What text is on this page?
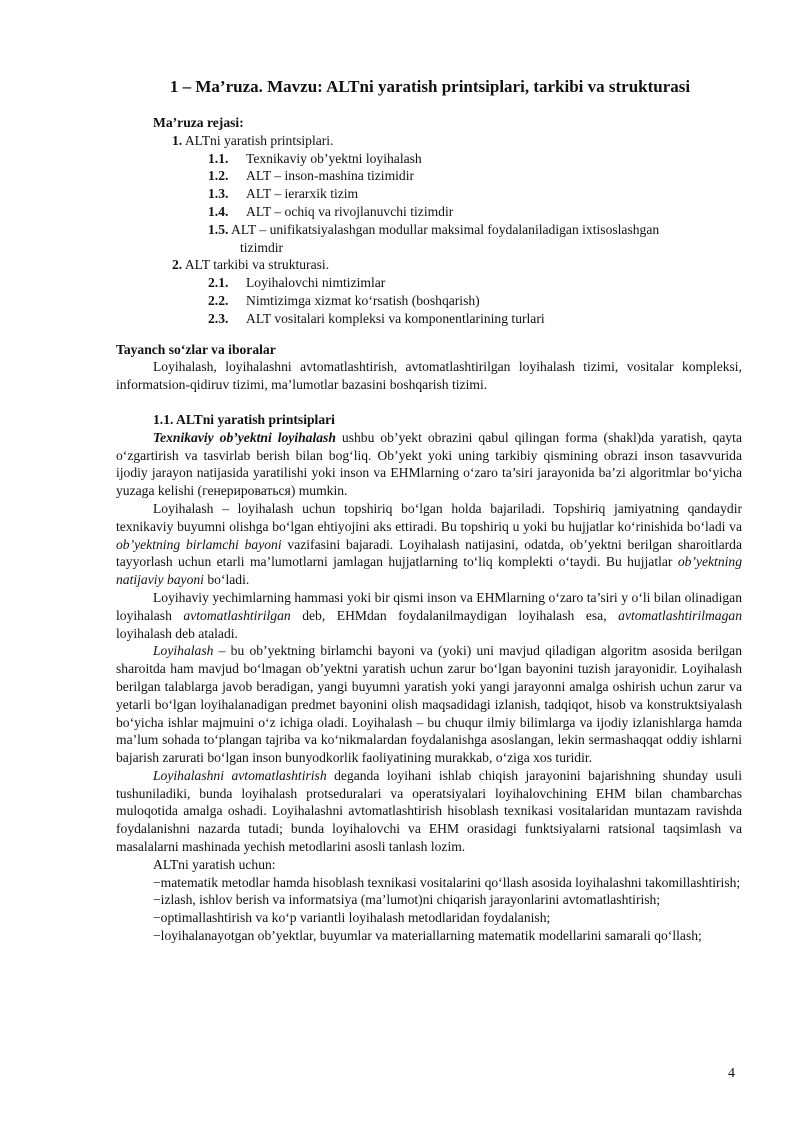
1 – Ma’ruza. Mavzu: ALTni yaratish printsiplari, tarkibi va strukturasi

Ma’ruza rejasi:

1. ALTni yaratish printsiplari.

1.1.	Texnikaviy ob’yektni loyihalash

1.2.	ALT – inson-mashina tizimidir

1.3.	ALT – ierarxik tizim

1.4.	ALT – ochiq va rivojlanuvchi tizimdir

1.5. ALT – unifikatsiyalashgan modullar maksimal foydalaniladigan ixtisoslashgan
tizimdir

2. ALT tarkibi va strukturasi.

2.1.	Loyihalovchi nimtizimlar

2.2.	Nimtizimga xizmat ko‘rsatish (boshqarish)

2.3.	ALT vositalari kompleksi va komponentlarining turlari

Tayanch so‘zlar va iboralar

Loyihalash, loyihalashni avtomatlashtirish, avtomatlashtirilgan loyihalash tizimi, vositalar kompleksi, informatsion-qidiruv tizimi, ma’lumotlar bazasini boshqarish tizimi.

1.1. ALTni yaratish printsiplari

Texnikaviy ob’yektni loyihalash ushbu ob’yekt obrazini qabul qilingan forma (shakl)da yaratish, qayta o‘zgartirish va tasvirlab berish bilan bog‘liq. Ob’yekt yoki uning tarkibiy qismining obrazi inson tasavvurida ijodiy jarayon natijasida yaratilishi yoki inson va EHMlarning o‘zaro ta’siri jarayonida ba’zi algoritmlar bo‘yicha yuzaga kelishi (генерироваться) mumkin.

Loyihalash – loyihalash uchun topshiriq bo‘lgan holda bajariladi. Topshiriq jamiyatning qandaydir texnikaviy buyumni olishga bo‘lgan ehtiyojini aks ettiradi. Bu topshiriq u yoki bu hujjatlar ko‘rinishida bo‘ladi va ob’yektning birlamchi bayoni vazifasini bajaradi. Loyihalash natijasini, odatda, ob’yektni berilgan sharoitlarda tayyorlash uchun etarli ma’lumotlarni jamlagan hujjatlarning to‘liq komplekti o‘taydi. Bu hujjatlar ob’yektning natijaviy bayoni bo‘ladi.

Loyihaviy yechimlarning hammasi yoki bir qismi inson va EHMlarning o‘zaro ta’siri y o‘li bilan olinadigan loyihalash avtomatlashtirilgan deb, EHMdan foydalanilmaydigan loyihalash esa, avtomatlashtirilmagan loyihalash deb ataladi.

Loyihalash – bu ob’yektning birlamchi bayoni va (yoki) uni mavjud qiladigan algoritm asosida berilgan sharoitda ham mavjud bo‘lmagan ob’yektni yaratish uchun zarur bo‘lgan bayonini tuzish jarayonidir. Loyihalash berilgan talablarga javob beradigan, yangi buyumni yaratish yoki yangi jarayonni amalga oshirish uchun zarur va yetarli bo‘lgan loyihalanadigan predmet bayonini olish maqsadidagi izlanish, tadqiqot, hisob va konstruktsiyalash bo‘yicha ishlar majmuini o‘z ichiga oladi. Loyihalash – bu chuqur ilmiy bilimlarga va ijodiy izlanishlarga hamda ma’lum sohada to‘plangan tajriba va ko‘nikmalardan foydalanishga asoslangan, lekin sermashaqqat oddiy ishlarni bajarish zarurati bo‘lgan inson bunyodkorlik faoliyatining murakkab, o‘ziga xos turidir.

Loyihalashni avtomatlashtirish deganda loyihani ishlab chiqish jarayonini bajarishning shunday usuli tushuniladiki, bunda loyihalash protseduralari va operatsiyalari loyihalovchining EHM bilan chambarchas muloqotida amalga oshadi. Loyihalashni avtomatlashtirish hisoblash texnikasi vositalaridan muntazam ravishda foydalanishni nazarda tutadi; bunda loyihalovchi va EHM orasidagi funktsiyalarni ratsional taqsimlash va masalalarni mashinada yechish metodlarini asosli tanlash lozim.

ALTni yaratish uchun:

−matematik metodlar hamda hisoblash texnikasi vositalarini qo‘llash asosida loyihalashni takomillashtirish;

−izlash, ishlov berish va informatsiya (ma’lumot)ni chiqarish jarayonlarini avtomatlashtirish;

−optimallashtirish va ko‘p variantli loyihalash metodlaridan foydalanish;

−loyihalanayotgan ob’yektlar, buyumlar va materiallarning matematik modellarini samarali qo‘llash;

4
